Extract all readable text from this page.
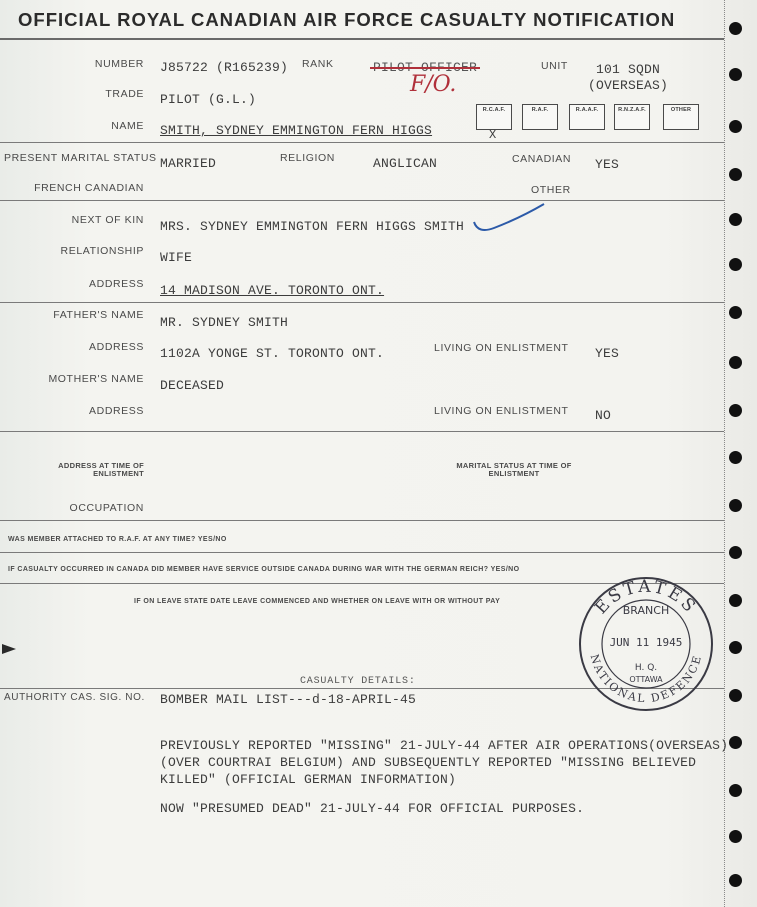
OFFICIAL ROYAL CANADIAN AIR FORCE CASUALTY NOTIFICATION
NUMBER J85722 (R165239) RANK	PILOT OFFICER
F/O.
UNIT 101 SQDN
(OVERSEAS)
TRADE PILOT (G.L.)
NAME SMITH, SYDNEY EMMINGTON FERN HIGGS
R.C.A.F.	R.A.F.	R.A.A.F.	R.N.Z.A.F.	OTHER
X
PRESENT MARITAL STATUS MARRIED	RELIGION	ANGLICAN	CANADIAN YES
FRENCH CANADIAN	OTHER
NEXT OF KIN MRS. SYDNEY EMMINGTON FERN HIGGS SMITH
RELATIONSHIP WIFE
ADDRESS 14 MADISON AVE. TORONTO ONT.
FATHER'S NAME MR. SYDNEY SMITH
ADDRESS 1102A YONGE ST. TORONTO ONT.	LIVING ON ENLISTMENT YES
MOTHER'S NAME DECEASED
ADDRESS	LIVING ON ENLISTMENT NO
ADDRESS AT TIME OF ENLISTMENT
MARITAL STATUS AT TIME OF ENLISTMENT
OCCUPATION
WAS MEMBER ATTACHED TO R.A.F. AT ANY TIME? YES/NO
IF CASUALTY OCCURRED IN CANADA DID MEMBER HAVE SERVICE OUTSIDE CANADA DURING WAR WITH THE GERMAN REICH? YES/NO
IF ON LEAVE STATE DATE LEAVE COMMENCED AND WHETHER ON LEAVE WITH OR WITHOUT PAY
CASUALTY DETAILS:
AUTHORITY CAS. SIG. NO. BOMBER MAIL LIST---d-18-APRIL-45
PREVIOUSLY REPORTED "MISSING" 21-JULY-44 AFTER AIR OPERATIONS(OVERSEAS)
(OVER COURTRAI BELGIUM) AND SUBSEQUENTLY REPORTED "MISSING BELIEVED
KILLED" (OFFICIAL GERMAN INFORMATION)
NOW "PRESUMED DEAD" 21-JULY-44 FOR OFFICIAL PURPOSES.
ESTATES
NATIONAL DEFENCE
BRANCH
JUN 11 1945
H. Q.
OTTAWA
